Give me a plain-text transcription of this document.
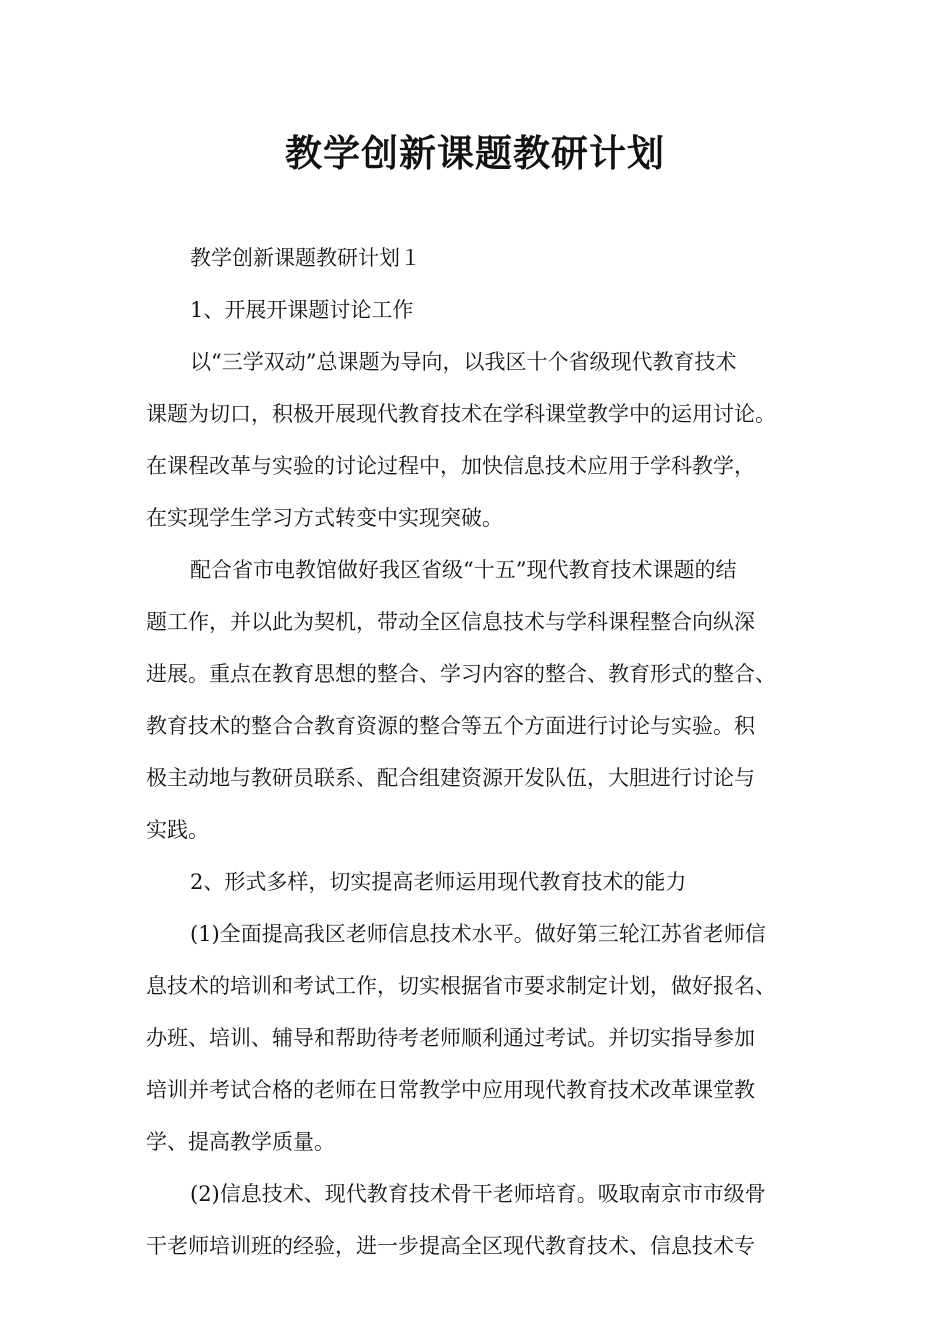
教学创新课题教研计划
教学创新课题教研计划１
1、开展开课题讨论工作
以“三学双动”总课题为导向，以我区十个省级现代教育技术
课题为切口，积极开展现代教育技术在学科课堂教学中的运用讨论。
在课程改革与实验的讨论过程中，加快信息技术应用于学科教学，
在实现学生学习方式转变中实现突破。
配合省市电教馆做好我区省级“十五”现代教育技术课题的结
题工作，并以此为契机，带动全区信息技术与学科课程整合向纵深
进展。重点在教育思想的整合、学习内容的整合、教育形式的整合、
教育技术的整合合教育资源的整合等五个方面进行讨论与实验。积
极主动地与教研员联系、配合组建资源开发队伍，大胆进行讨论与
实践。
2、形式多样，切实提高老师运用现代教育技术的能力
(1)全面提高我区老师信息技术水平。做好第三轮江苏省老师信
息技术的培训和考试工作，切实根据省市要求制定计划，做好报名、
办班、培训、辅导和帮助待考老师顺利通过考试。并切实指导参加
培训并考试合格的老师在日常教学中应用现代教育技术改革课堂教
学、提高教学质量。
(2)信息技术、现代教育技术骨干老师培育。吸取南京市市级骨
干老师培训班的经验，进一步提高全区现代教育技术、信息技术专
